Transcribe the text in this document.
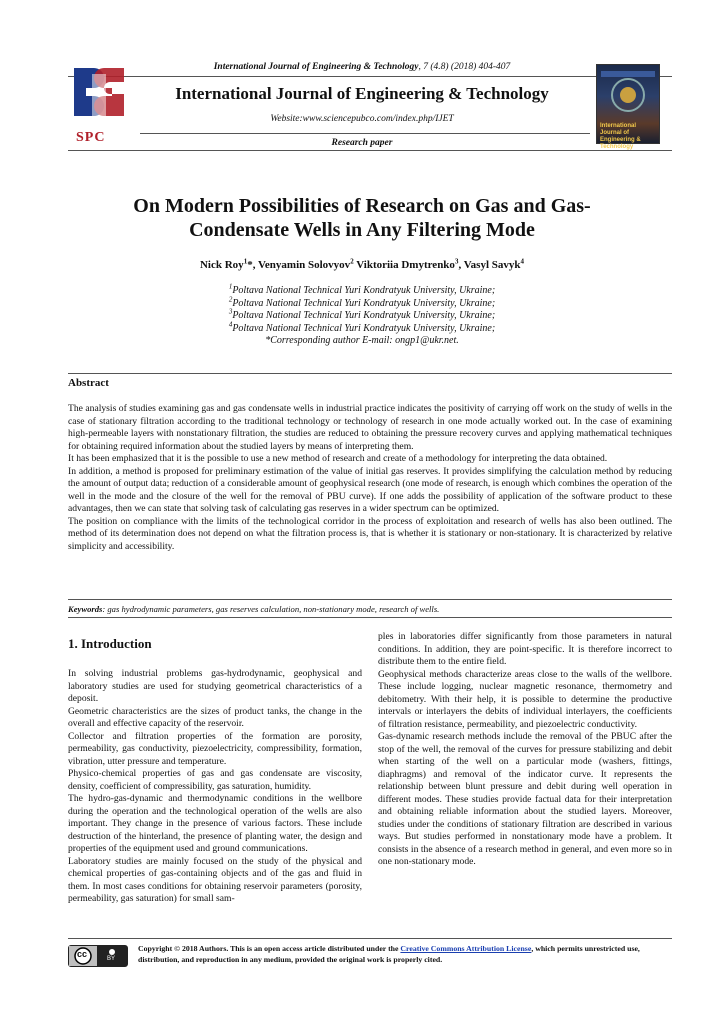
International Journal of Engineering & Technology, 7 (4.8) (2018) 404-407
SPC
International Journal of Engineering & Technology
Website:www.sciencepubco.com/index.php/IJET
Research paper
International Journal of Engineering & Technology
On Modern Possibilities of Research on Gas and Gas-
Condensate Wells in Any Filtering Mode
Nick Roy$^1$*, Venyamin Solovyov$^2$ Viktoriia Dmytrenko$^3$, Vasyl Savyk$^4$
$^1$Poltava National Technical Yuri Kondratyuk University, Ukraine;
$^2$Poltava National Technical Yuri Kondratyuk University, Ukraine;
$^3$Poltava National Technical Yuri Kondratyuk University, Ukraine;
$^4$Poltava National Technical Yuri Kondratyuk University, Ukraine;
*Corresponding author E-mail: ongp1@ukr.net.
Abstract

The analysis of studies examining gas and gas condensate wells in industrial practice indicates the positivity of carrying off work on the study of wells in the case of stationary filtration according to the traditional technology or technology of research in one mode actually worked out. In the case of examining high-permeable layers with nonstationary filtration, the studies are reduced to obtaining the pressure recovery curves and applying mathematical techniques for obtaining required information about the studied layers by means of interpreting them.

It has been emphasized that it is the possible to use a new method of research and create of a methodology for interpreting the data obtained.

In addition, a method is proposed for preliminary estimation of the value of initial gas reserves. It provides simplifying the calculation method by reducing the amount of output data; reduction of a considerable amount of geophysical research (one mode of research, is enough which combines the operation of the well in the mode and the closure of the well for the removal of PBU curve). If one adds the possibility of application of the software product to these advantages, then we can state that solving task of calculating gas reserves in a wider spectrum can be optimized.

The position on compliance with the limits of the technological corridor in the process of exploitation and research of wells has also been outlined. The method of its determination does not depend on what the filtration process is, that is whether it is stationary or non-stationary. It is characterized by relative simplicity and accessibility.

Keywords: gas hydrodynamic parameters, gas reserves calculation, non-stationary mode, research of wells.
1. Introduction

In solving industrial problems gas-hydrodynamic, geophysical and laboratory studies are used for studying geometrical characteristics of a deposit.

Geometric characteristics are the sizes of product tanks, the change in the overall and effective capacity of the reservoir.

Collector and filtration properties of the formation are porosity, permeability, gas conductivity, piezoelectricity, compressibility, formation, vibration, utter pressure and temperature.

Physico-chemical properties of gas and gas condensate are viscosity, density, coefficient of compressibility, gas saturation, humidity.

The hydro-gas-dynamic and thermodynamic conditions in the wellbore during the operation and the technological operation of the wells are also important. They change in the presence of various factors. These include destruction of the hinterland, the presence of planting water, the design and properties of the equipment used and ground communications.

Laboratory studies are mainly focused on the study of the physical and chemical properties of gas-containing objects and of the gas and fluid in them. In most cases conditions for obtaining reservoir parameters (porosity, permeability, gas saturation) for small sam-

ples in laboratories differ significantly from those parameters in natural conditions. In addition, they are point-specific. It is therefore incorrect to distribute them to the entire field.

Geophysical methods characterize areas close to the walls of the wellbore. These include logging, nuclear magnetic resonance, thermometry and debitometry. With their help, it is possible to determine the productive intervals or interlayers the debits of individual interlayers, the coefficients of filtration resistance, permeability, and piezoelectric conductivity.

Gas-dynamic research methods include the removal of the PBUC after the stop of the well, the removal of the curves for pressure stabilizing and debit when starting of the well on a particular mode (washers, fittings, diaphragms) and removal of the indicator curve. It represents the relationship between blunt pressure and debit during well operation in different modes. These studies provide factual data for their interpretation and obtaining reliable information about the studied layers. Moreover, studies under the conditions of stationary filtration are described in various ways. But studies performed in nonstationary mode have a problem. It consists in the absence of a research method in general, and even more so in one non-stationary mode.

cc	BY
Copyright © 2018 Authors. This is an open access article distributed under the Creative Commons Attribution License, which permits unrestricted use, distribution, and reproduction in any medium, provided the original work is properly cited.
